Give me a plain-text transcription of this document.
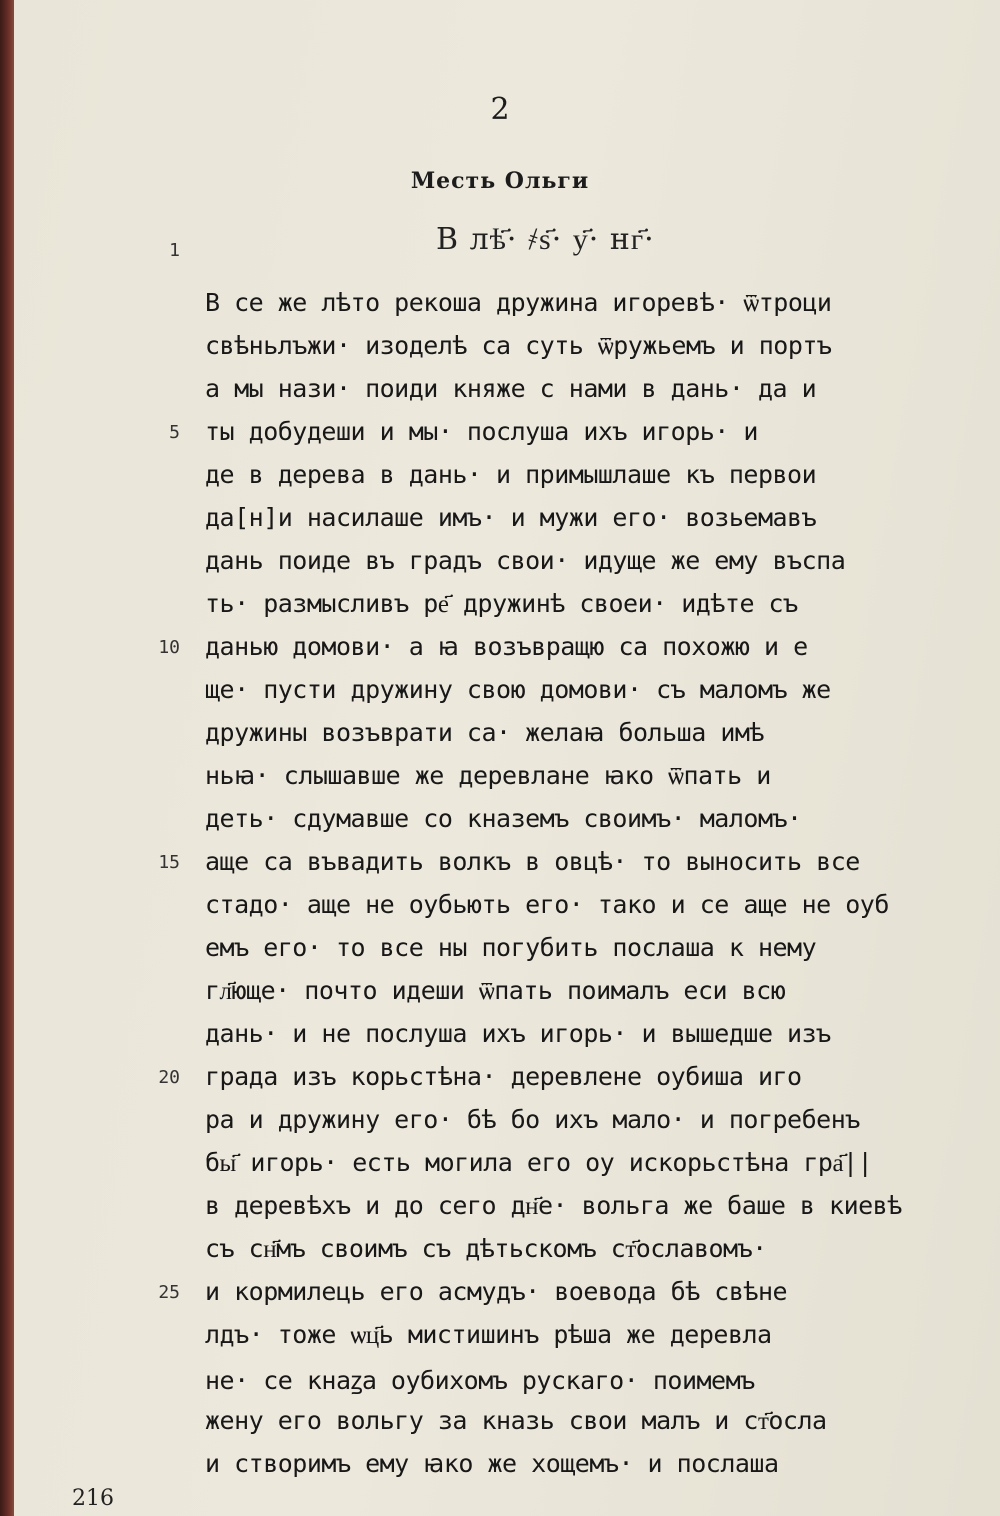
2
Месть Ольги
В лѣ҃· ҂ѕ҃· у҃· нг҃·
1
В се же лѣто рекоша дружина игоревѣ· ѿтроци
свѣньлъжи· изоделѣ са суть ѿружьемъ и портъ
а мы нази· поиди княже с нами в дань· да и
5 ты добудеши и мы· послуша ихъ игорь· и
де в дерева в дань· и примышлаше къ первои
да[н]и насилаше имъ· и мужи его· возьемавъ
дань поиде въ градъ свои· идуще же ему въспа
ть· размысливъ ре҃ дружинѣ своеи· идѣте съ
10 данью домови· а ꙗ возъвращю са похожю и е
ще· пусти дружину свою домови· съ маломъ же
дружины возъврати са· желаꙗ больша имѣ
ньꙗ· слышавше же деревлане ꙗко ѿпать и
деть· сдумавше со кназемъ своимъ· маломъ·
15 аще са въвадить волкъ в овцѣ· то выносить все
стадо· аще не оубьють его· тако и се аще не оуб
емъ его· то все ны погубить послаша к нему
гл҃юще· почто идеши ѿпать поималъ еси всю
дань· и не послуша ихъ игорь· и вышедше изъ
20 града изъ корьстѣна· деревлене оубиша иго
ра и дружину его· бѣ бо ихъ мало· и погребенъ
бы҃ игорь· есть могила его оу искорьстѣна гра҃||
в деревѣхъ и до сего дн҃е· вольга же баше в киевѣ
съ сн҃мъ своимъ съ дѣтьскомъ ст҃ославомъ·
25 и кормилець его асмудъ· воевода бѣ свѣне
лдъ· тоже ѡц҃ь мистишинъ рѣша же деревла
не· се кнаꙁа оубихомъ рускаго· поимемъ
жену его вольгу за кназь свои малъ и ст҃осла
и створимъ ему ꙗко же хощемъ· и послаша
216
